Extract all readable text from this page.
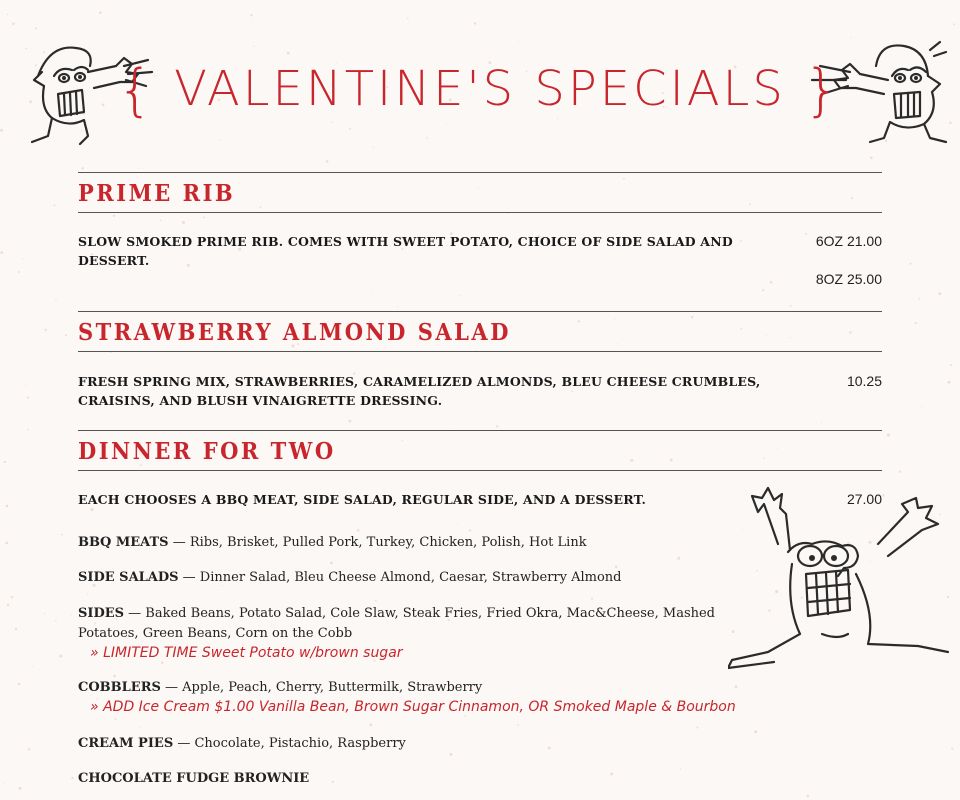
{ VALENTINE'S SPECIALS }
PRIME RIB
SLOW SMOKED PRIME RIB. COMES WITH SWEET POTATO, CHOICE OF SIDE SALAD AND
DESSERT.
6OZ 21.00
8OZ 25.00
STRAWBERRY ALMOND SALAD
FRESH SPRING MIX, STRAWBERRIES, CARAMELIZED ALMONDS, BLEU CHEESE CRUMBLES,
CRAISINS, AND BLUSH VINAIGRETTE DRESSING.
10.25
DINNER FOR TWO
EACH CHOOSES A BBQ MEAT, SIDE SALAD, REGULAR SIDE, AND A DESSERT.	27.00
BBQ MEATS — Ribs, Brisket, Pulled Pork, Turkey, Chicken, Polish, Hot Link
SIDE SALADS — Dinner Salad, Bleu Cheese Almond, Caesar, Strawberry Almond
SIDES — Baked Beans, Potato Salad, Cole Slaw, Steak Fries, Fried Okra, Mac&Cheese, Mashed
Potatoes, Green Beans, Corn on the Cobb
» LIMITED TIME Sweet Potato w/brown sugar
COBBLERS — Apple, Peach, Cherry, Buttermilk, Strawberry
» ADD Ice Cream $1.00 Vanilla Bean, Brown Sugar Cinnamon, OR Smoked Maple & Bourbon
CREAM PIES — Chocolate, Pistachio, Raspberry
CHOCOLATE FUDGE BROWNIE
